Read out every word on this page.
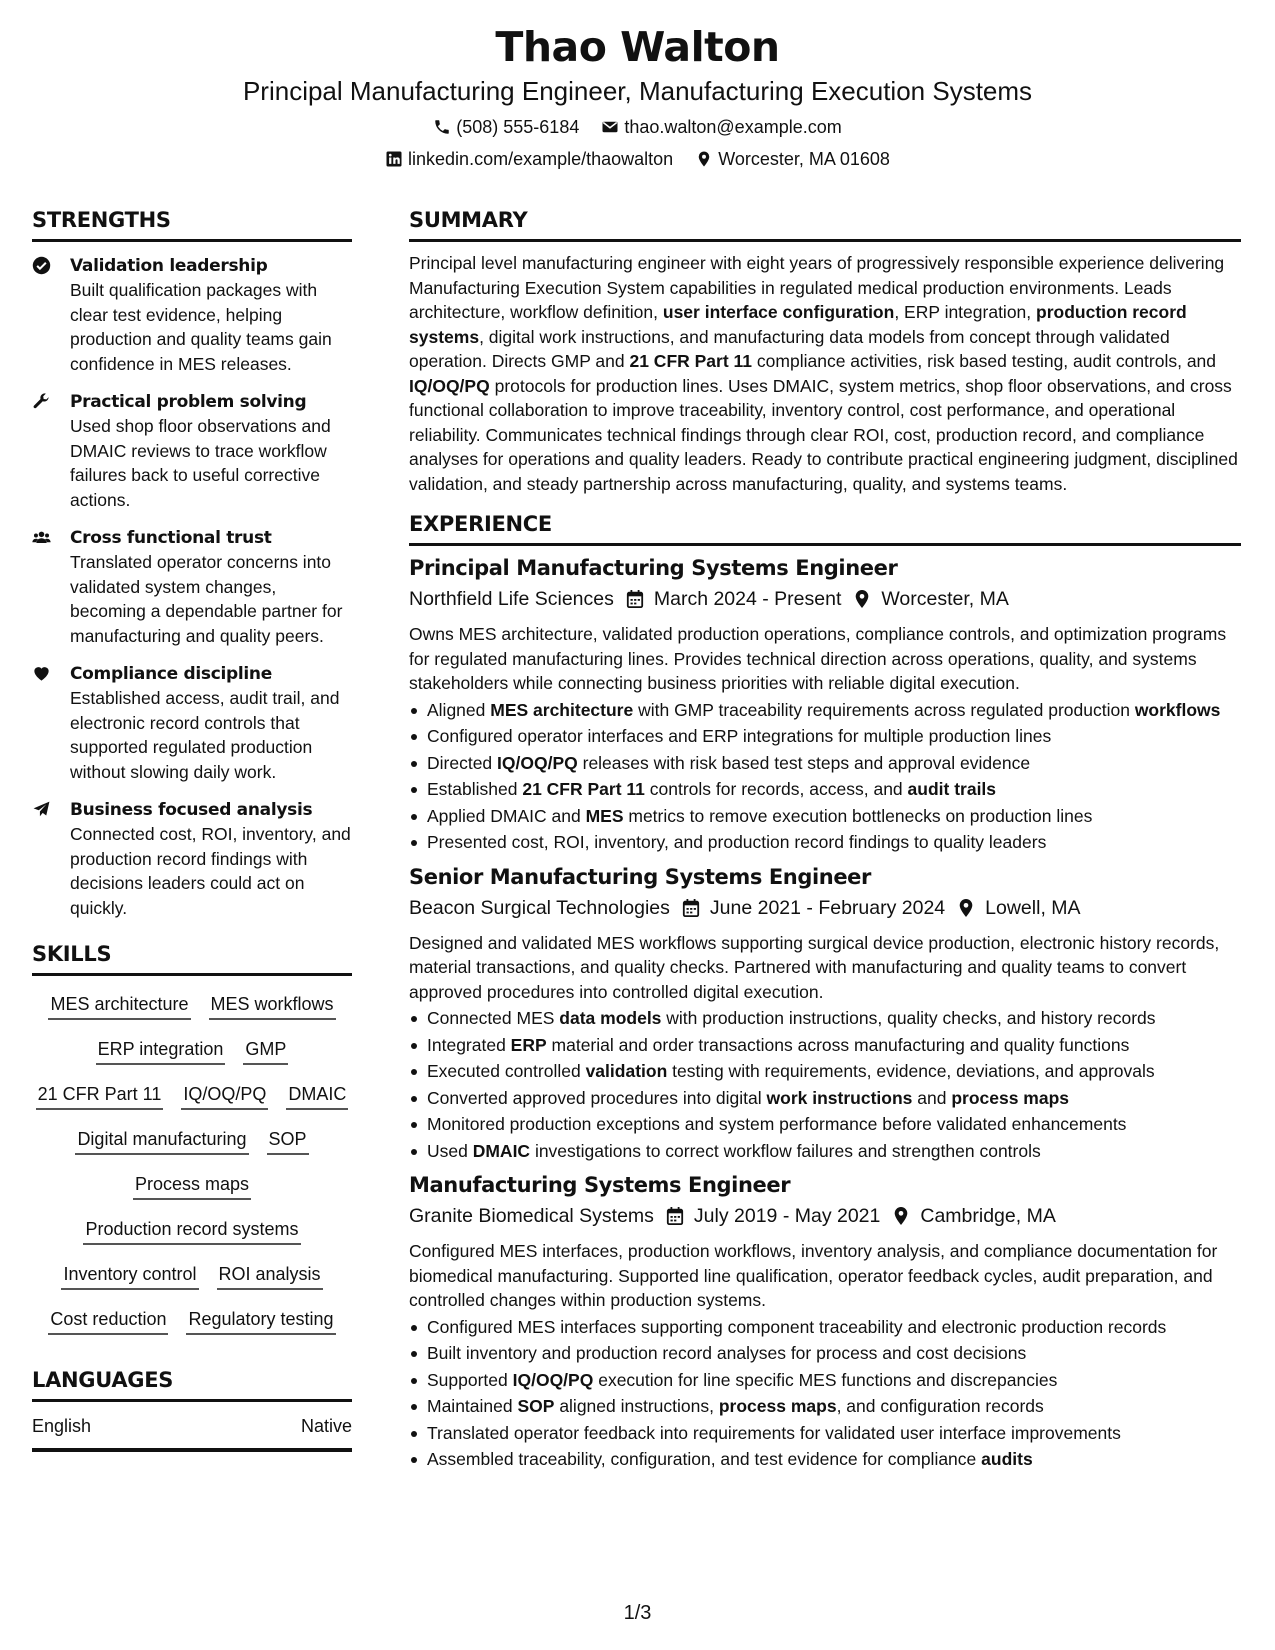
Thao Walton
Principal Manufacturing Engineer, Manufacturing Execution Systems
(508) 555-6184	thao.walton@example.com
linkedin.com/example/thaowalton	Worcester, MA 01608
STRENGTHS
Validation leadership
Built qualification packages with clear test evidence, helping production and quality teams gain confidence in MES releases.
Practical problem solving
Used shop floor observations and DMAIC reviews to trace workflow failures back to useful corrective actions.
Cross functional trust
Translated operator concerns into validated system changes, becoming a dependable partner for manufacturing and quality peers.
Compliance discipline
Established access, audit trail, and electronic record controls that supported regulated production without slowing daily work.
Business focused analysis
Connected cost, ROI, inventory, and production record findings with decisions leaders could act on quickly.
SKILLS
MES architecture MES workflows
ERP integration GMP
21 CFR Part 11 IQ/OQ/PQ DMAIC
Digital manufacturing SOP
Process maps
Production record systems
Inventory control ROI analysis
Cost reduction Regulatory testing
LANGUAGES
English	Native
SUMMARY

Principal level manufacturing engineer with eight years of progressively responsible experience delivering Manufacturing Execution System capabilities in regulated medical production environments. Leads architecture, workflow definition, user interface configuration, ERP integration, production record systems, digital work instructions, and manufacturing data models from concept through validated operation. Directs GMP and 21 CFR Part 11 compliance activities, risk based testing, audit controls, and IQ/OQ/PQ protocols for production lines. Uses DMAIC, system metrics, shop floor observations, and cross functional collaboration to improve traceability, inventory control, cost performance, and operational reliability. Communicates technical findings through clear ROI, cost, production record, and compliance analyses for operations and quality leaders. Ready to contribute practical engineering judgment, disciplined validation, and steady partnership across manufacturing, quality, and systems teams.

EXPERIENCE
Principal Manufacturing Systems Engineer
Northfield Life Sciences March 2024 - Present Worcester, MA

Owns MES architecture, validated production operations, compliance controls, and optimization programs for regulated manufacturing lines. Provides technical direction across operations, quality, and systems stakeholders while connecting business priorities with reliable digital execution.

Aligned MES architecture with GMP traceability requirements across regulated production workflows
Configured operator interfaces and ERP integrations for multiple production lines
Directed IQ/OQ/PQ releases with risk based test steps and approval evidence
Established 21 CFR Part 11 controls for records, access, and audit trails
Applied DMAIC and MES metrics to remove execution bottlenecks on production lines
Presented cost, ROI, inventory, and production record findings to quality leaders
Senior Manufacturing Systems Engineer
Beacon Surgical Technologies June 2021 - February 2024 Lowell, MA

Designed and validated MES workflows supporting surgical device production, electronic history records, material transactions, and quality checks. Partnered with manufacturing and quality teams to convert approved procedures into controlled digital execution.

Connected MES data models with production instructions, quality checks, and history records
Integrated ERP material and order transactions across manufacturing and quality functions
Executed controlled validation testing with requirements, evidence, deviations, and approvals
Converted approved procedures into digital work instructions and process maps
Monitored production exceptions and system performance before validated enhancements
Used DMAIC investigations to correct workflow failures and strengthen controls
Manufacturing Systems Engineer
Granite Biomedical Systems July 2019 - May 2021 Cambridge, MA

Configured MES interfaces, production workflows, inventory analysis, and compliance documentation for biomedical manufacturing. Supported line qualification, operator feedback cycles, audit preparation, and controlled changes within production systems.

Configured MES interfaces supporting component traceability and electronic production records
Built inventory and production record analyses for process and cost decisions
Supported IQ/OQ/PQ execution for line specific MES functions and discrepancies
Maintained SOP aligned instructions, process maps, and configuration records
Translated operator feedback into requirements for validated user interface improvements
Assembled traceability, configuration, and test evidence for compliance audits
1/3
